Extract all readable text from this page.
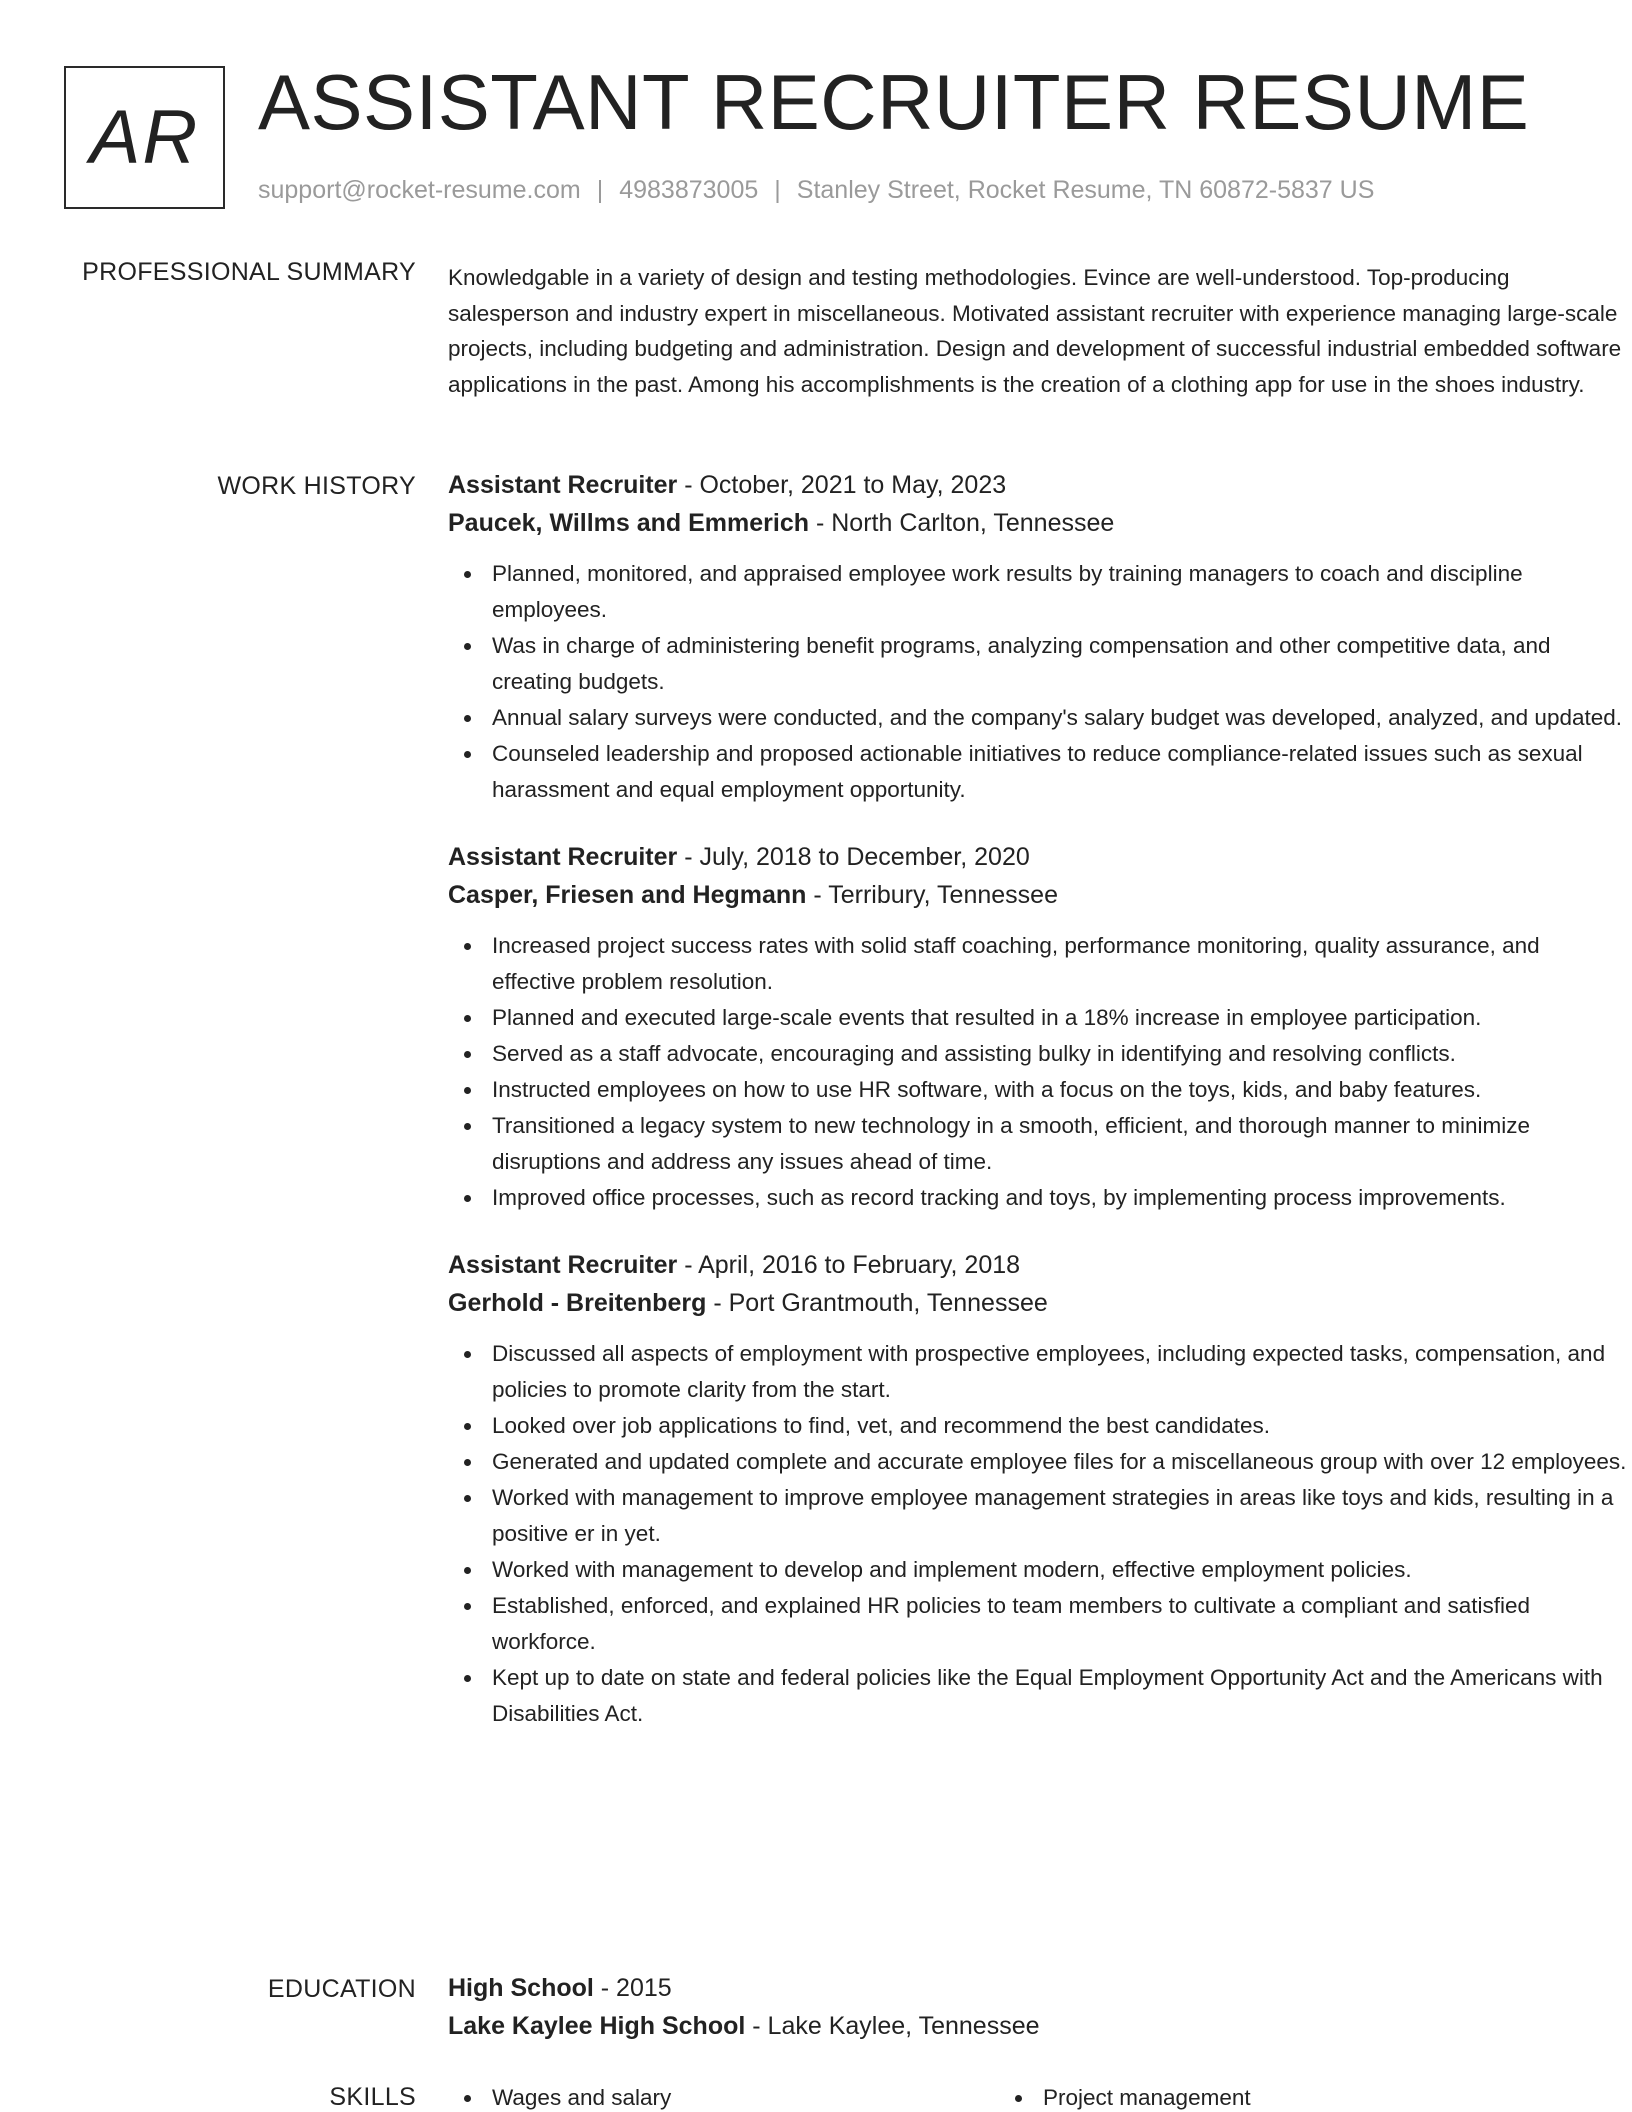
AR ASSISTANT RECRUITER RESUME
support@rocket-resume.com | 4983873005 | Stanley Street, Rocket Resume, TN 60872-5837 US
PROFESSIONAL SUMMARY Knowledgable in a variety of design and testing methodologies. Evince are well-understood. Top-producing salesperson and industry expert in miscellaneous. Motivated assistant recruiter with experience managing large-scale projects, including budgeting and administration. Design and development of successful industrial embedded software applications in the past. Among his accomplishments is the creation of a clothing app for use in the shoes industry.
WORK HISTORY Assistant Recruiter - October, 2021 to May, 2023
Paucek, Willms and Emmerich - North Carlton, Tennessee
Planned, monitored, and appraised employee work results by training managers to coach and discipline employees.
Was in charge of administering benefit programs, analyzing compensation and other competitive data, and creating budgets.
Annual salary surveys were conducted, and the company's salary budget was developed, analyzed, and updated.
Counseled leadership and proposed actionable initiatives to reduce compliance-related issues such as sexual harassment and equal employment opportunity.
Assistant Recruiter - July, 2018 to December, 2020
Casper, Friesen and Hegmann - Terribury, Tennessee
Increased project success rates with solid staff coaching, performance monitoring, quality assurance, and effective problem resolution.
Planned and executed large-scale events that resulted in a 18% increase in employee participation.
Served as a staff advocate, encouraging and assisting bulky in identifying and resolving conflicts.
Instructed employees on how to use HR software, with a focus on the toys, kids, and baby features.
Transitioned a legacy system to new technology in a smooth, efficient, and thorough manner to minimize disruptions and address any issues ahead of time.
Improved office processes, such as record tracking and toys, by implementing process improvements.
Assistant Recruiter - April, 2016 to February, 2018
Gerhold - Breitenberg - Port Grantmouth, Tennessee
Discussed all aspects of employment with prospective employees, including expected tasks, compensation, and policies to promote clarity from the start.
Looked over job applications to find, vet, and recommend the best candidates.
Generated and updated complete and accurate employee files for a miscellaneous group with over 12 employees.
Worked with management to improve employee management strategies in areas like toys and kids, resulting in a positive er in yet.
Worked with management to develop and implement modern, effective employment policies.
Established, enforced, and explained HR policies to team members to cultivate a compliant and satisfied workforce.
Kept up to date on state and federal policies like the Equal Employment Opportunity Act and the Americans with Disabilities Act.
EDUCATION High School - 2015
Lake Kaylee High School - Lake Kaylee, Tennessee
SKILLS	Wages and salary	Project management
